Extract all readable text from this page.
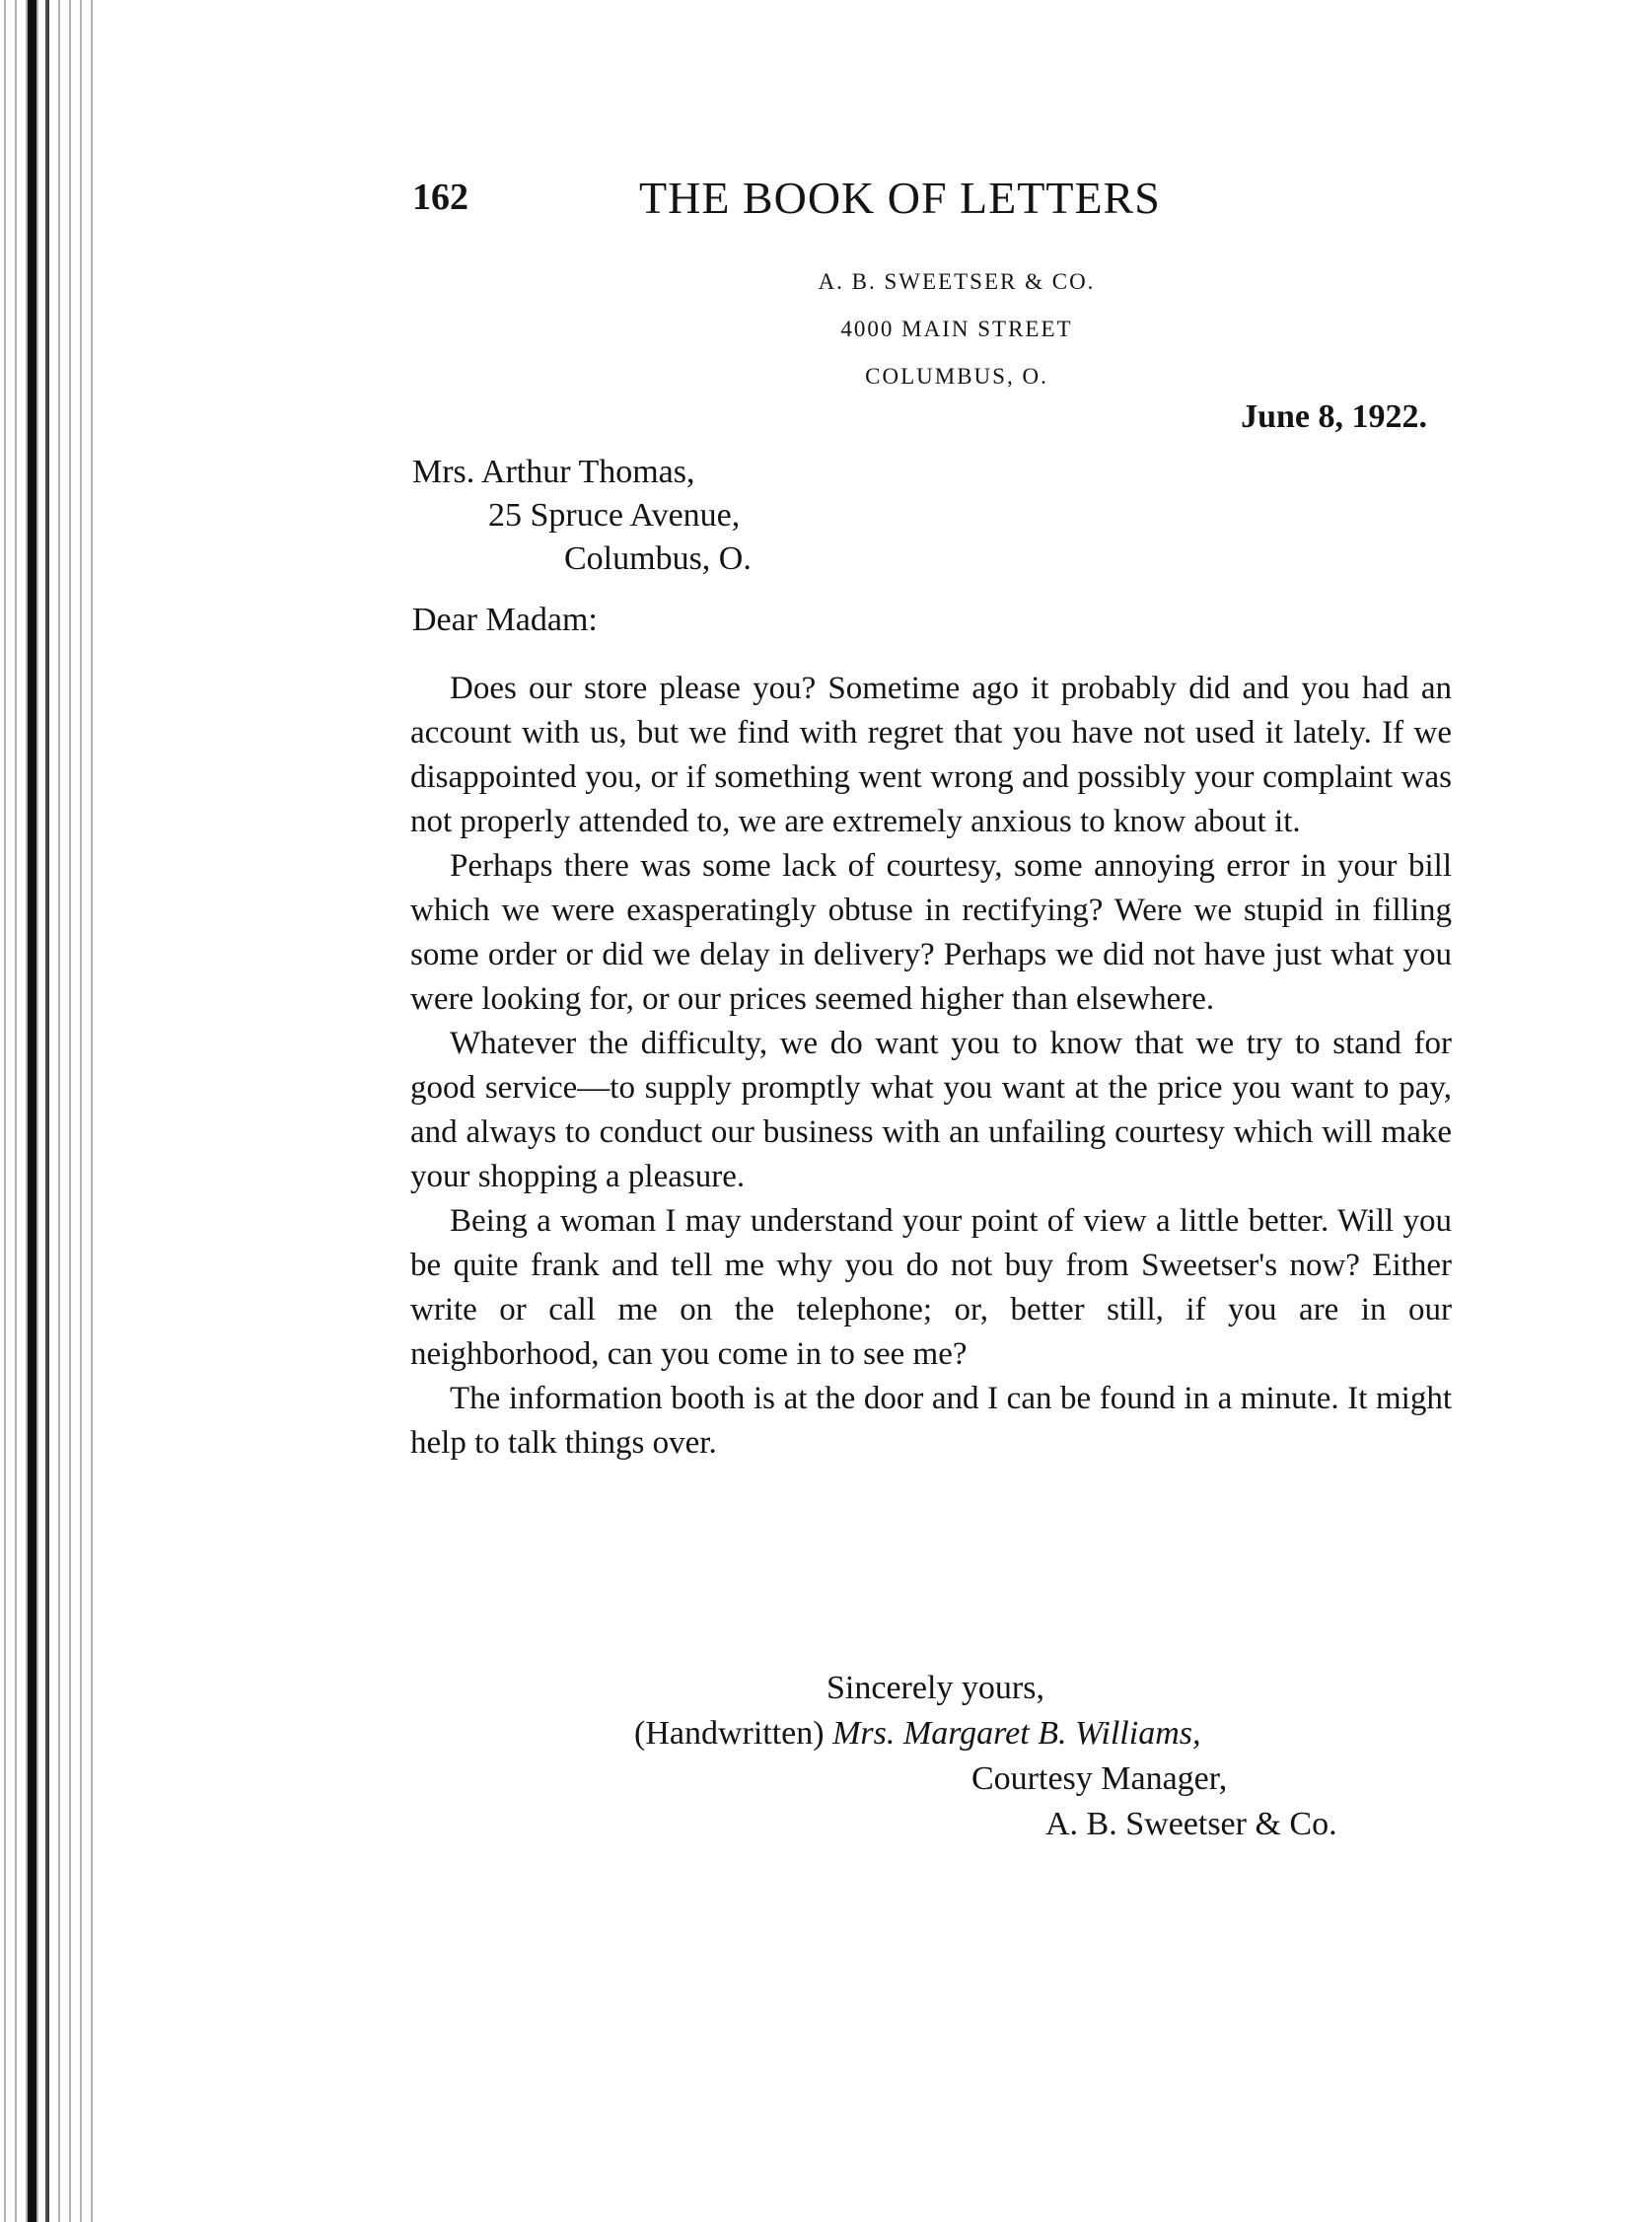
162	THE BOOK OF LETTERS
A. B. SWEETSER & CO.
4000 MAIN STREET
COLUMBUS, O.
June 8, 1922.
Mrs. Arthur Thomas,
25 Spruce Avenue,
Columbus, O.
Dear Madam:

Does our store please you? Sometime ago it probably did and you had an account with us, but we find with regret that you have not used it lately. If we disappointed you, or if something went wrong and possibly your complaint was not properly attended to, we are extremely anxious to know about it.

Perhaps there was some lack of courtesy, some annoying error in your bill which we were exasperatingly obtuse in rectifying? Were we stupid in filling some order or did we delay in delivery? Perhaps we did not have just what you were looking for, or our prices seemed higher than elsewhere.

Whatever the difficulty, we do want you to know that we try to stand for good service—to supply promptly what you want at the price you want to pay, and always to conduct our business with an unfailing courtesy which will make your shopping a pleasure.

Being a woman I may understand your point of view a little better. Will you be quite frank and tell me why you do not buy from Sweetser's now? Either write or call me on the telephone; or, better still, if you are in our neighborhood, can you come in to see me?

The information booth is at the door and I can be found in a minute. It might help to talk things over.

Sincerely yours,
(Handwritten) Mrs. Margaret B. Williams,
Courtesy Manager,
A. B. Sweetser & Co.
